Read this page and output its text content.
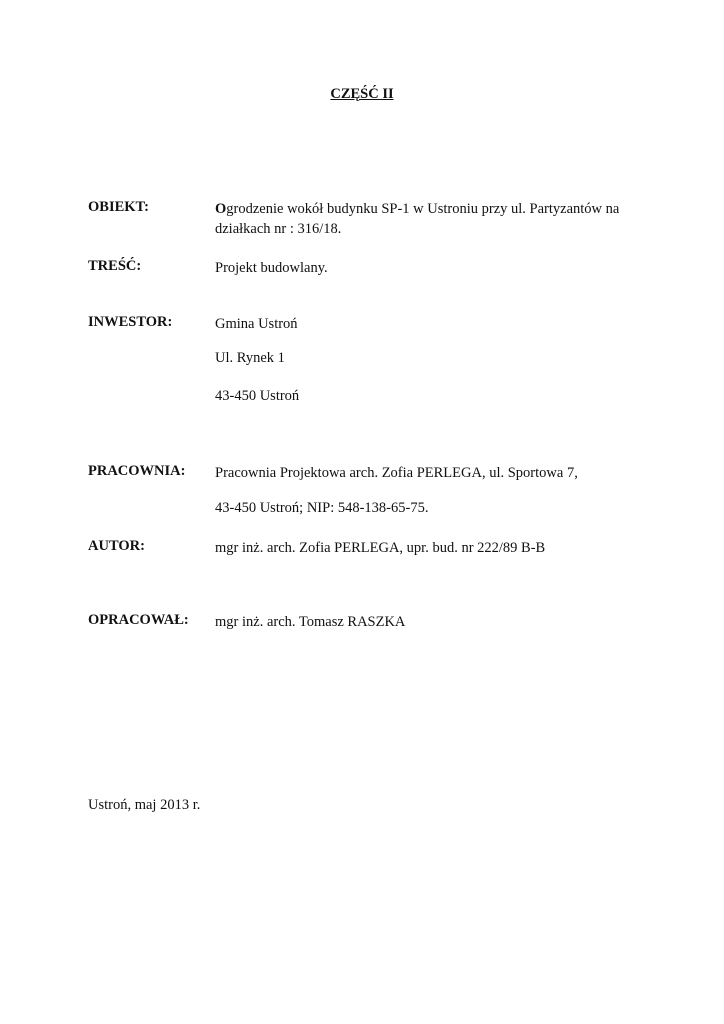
CZĘŚĆ II
OBIEKT:	Ogrodzenie wokół budynku SP-1 w Ustroniu przy ul. Partyzantów na działkach nr : 316/18.
TREŚĆ:	Projekt budowlany.
INWESTOR:	Gmina Ustroń
Ul. Rynek 1
43-450 Ustroń
PRACOWNIA: Pracownia Projektowa arch. Zofia PERLEGA, ul. Sportowa 7,
43-450 Ustroń; NIP: 548-138-65-75.
AUTOR:	mgr inż. arch. Zofia PERLEGA, upr. bud. nr 222/89 B-B
OPRACOWAŁ: mgr inż. arch. Tomasz RASZKA
Ustroń, maj 2013 r.
